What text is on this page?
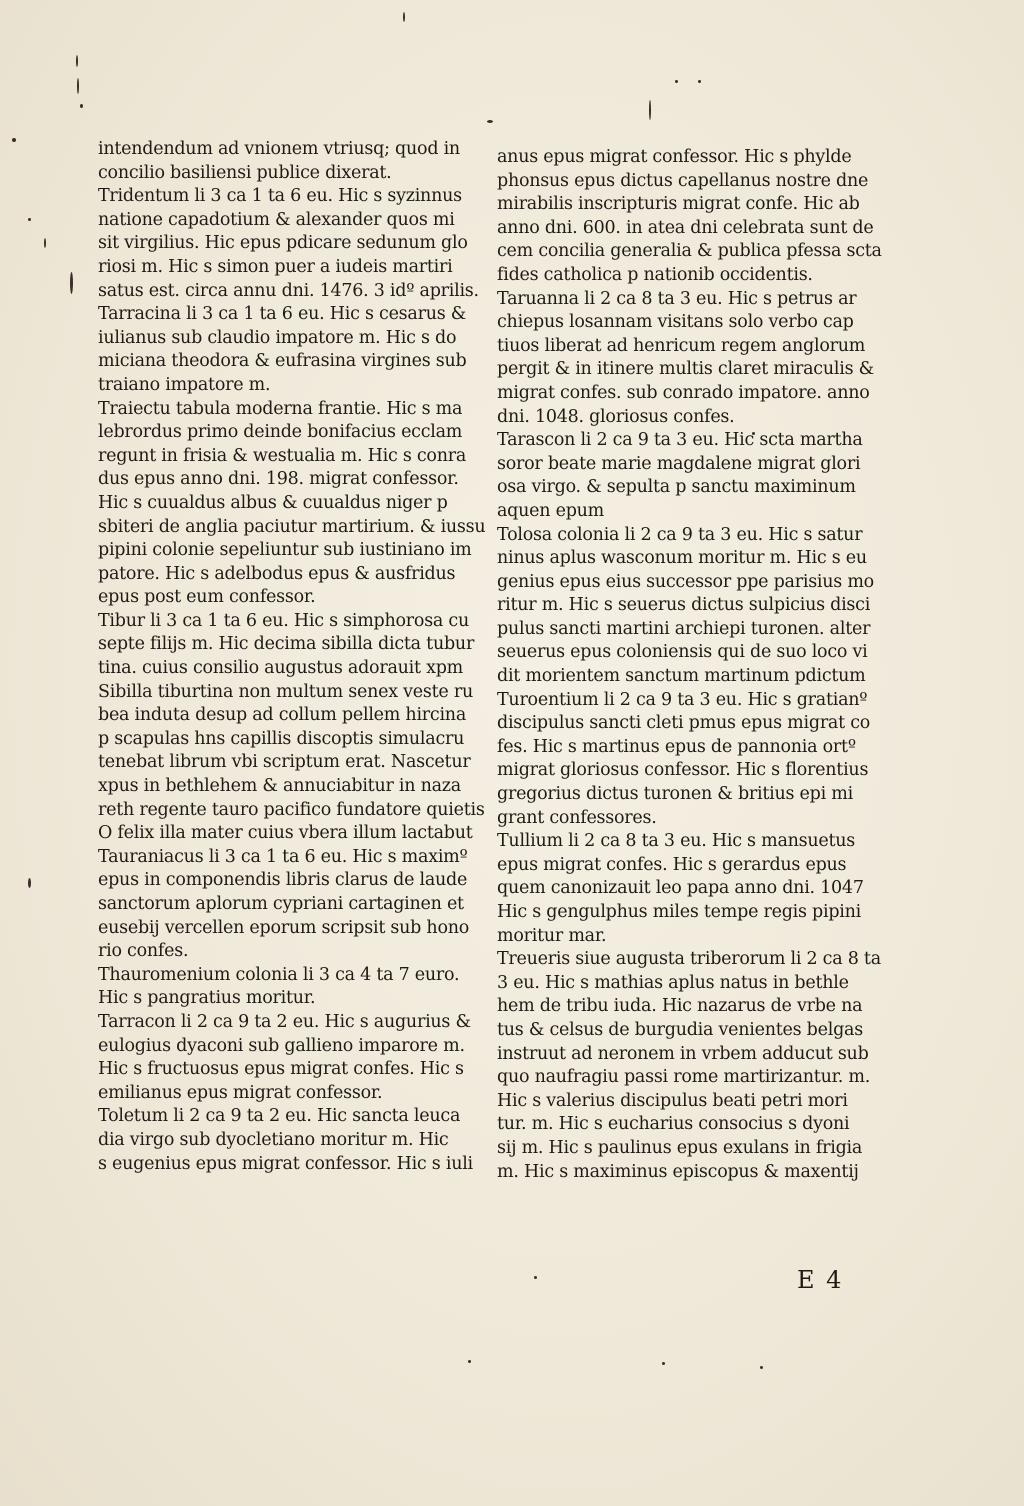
intendendum ad vnionem vtriusq; quod in
concilio basiliensi publice dixerat.
Tridentum li 3 ca 1 ta 6 eu. Hic s syzinnus
natione capadotium & alexander quos mi
sit virgilius. Hic epus pdicare sedunum glo
riosi m. Hic s simon puer a iudeis martiri
satus est. circa annu dni. 1476. 3 idº aprilis.
Tarracina li 3 ca 1 ta 6 eu. Hic s cesarus &
iulianus sub claudio impatore m. Hic s do
miciana theodora & eufrasina virgines sub
traiano impatore m.
Traiectu tabula moderna frantie. Hic s ma
lebrordus primo deinde bonifacius ecclam
regunt in frisia & westualia m. Hic s conra
dus epus anno dni. 198. migrat confessor.
Hic s cuualdus albus & cuualdus niger p
sbiteri de anglia paciutur martirium. & iussu
pipini colonie sepeliuntur sub iustiniano im
patore. Hic s adelbodus epus & ausfridus
epus post eum confessor.
Tibur li 3 ca 1 ta 6 eu. Hic s simphorosa cu
septe filijs m. Hic decima sibilla dicta tubur
tina. cuius consilio augustus adorauit xpm
Sibilla tiburtina non multum senex veste ru
bea induta desup ad collum pellem hircina
p scapulas hns capillis discoptis simulacru
tenebat librum vbi scriptum erat. Nascetur
xpus in bethlehem & annuciabitur in naza
reth regente tauro pacifico fundatore quietis
O felix illa mater cuius vbera illum lactabut
Tauraniacus li 3 ca 1 ta 6 eu. Hic s maximº
epus in componendis libris clarus de laude
sanctorum aplorum cypriani cartaginen et
eusebij vercellen eporum scripsit sub hono
rio confes.
Thauromenium colonia li 3 ca 4 ta 7 euro.
Hic s pangratius moritur.
Tarracon li 2 ca 9 ta 2 eu. Hic s augurius &
eulogius dyaconi sub gallieno imparore m.
Hic s fructuosus epus migrat confes. Hic s
emilianus epus migrat confessor.
Toletum li 2 ca 9 ta 2 eu. Hic sancta leuca
dia virgo sub dyocletiano moritur m. Hic
s eugenius epus migrat confessor. Hic s iuli
anus epus migrat confessor. Hic s phylde
phonsus epus dictus capellanus nostre dne
mirabilis inscripturis migrat confe. Hic ab
anno dni. 600. in atea dni celebrata sunt de
cem concilia generalia & publica pfessa scta
fides catholica p nationib occidentis.
Taruanna li 2 ca 8 ta 3 eu. Hic s petrus ar
chiepus losannam visitans solo verbo cap
tiuos liberat ad henricum regem anglorum
pergit & in itinere multis claret miraculis &
migrat confes. sub conrado impatore. anno
dni. 1048. gloriosus confes.
Tarascon li 2 ca 9 ta 3 eu. Hic scta martha
soror beate marie magdalene migrat glori
osa virgo. & sepulta p sanctu maximinum
aquen epum
Tolosa colonia li 2 ca 9 ta 3 eu. Hic s satur
ninus aplus wasconum moritur m. Hic s eu
genius epus eius successor ppe parisius mo
ritur m. Hic s seuerus dictus sulpicius disci
pulus sancti martini archiepi turonen. alter
seuerus epus coloniensis qui de suo loco vi
dit morientem sanctum martinum pdictum
Turoentium li 2 ca 9 ta 3 eu. Hic s gratianº
discipulus sancti cleti pmus epus migrat co
fes. Hic s martinus epus de pannonia ortº
migrat gloriosus confessor. Hic s florentius
gregorius dictus turonen & britius epi mi
grant confessores.
Tullium li 2 ca 8 ta 3 eu. Hic s mansuetus
epus migrat confes. Hic s gerardus epus
quem canonizauit leo papa anno dni. 1047
Hic s gengulphus miles tempe regis pipini
moritur mar.
Treueris siue augusta triberorum li 2 ca 8 ta
3 eu. Hic s mathias aplus natus in bethle
hem de tribu iuda. Hic nazarus de vrbe na
tus & celsus de burgudia venientes belgas
instruut ad neronem in vrbem adducut sub
quo naufragiu passi rome martirizantur. m.
Hic s valerius discipulus beati petri mori
tur. m. Hic s eucharius consocius s dyoni
sij m. Hic s paulinus epus exulans in frigia
m. Hic s maximinus episcopus & maxentij
E 4
